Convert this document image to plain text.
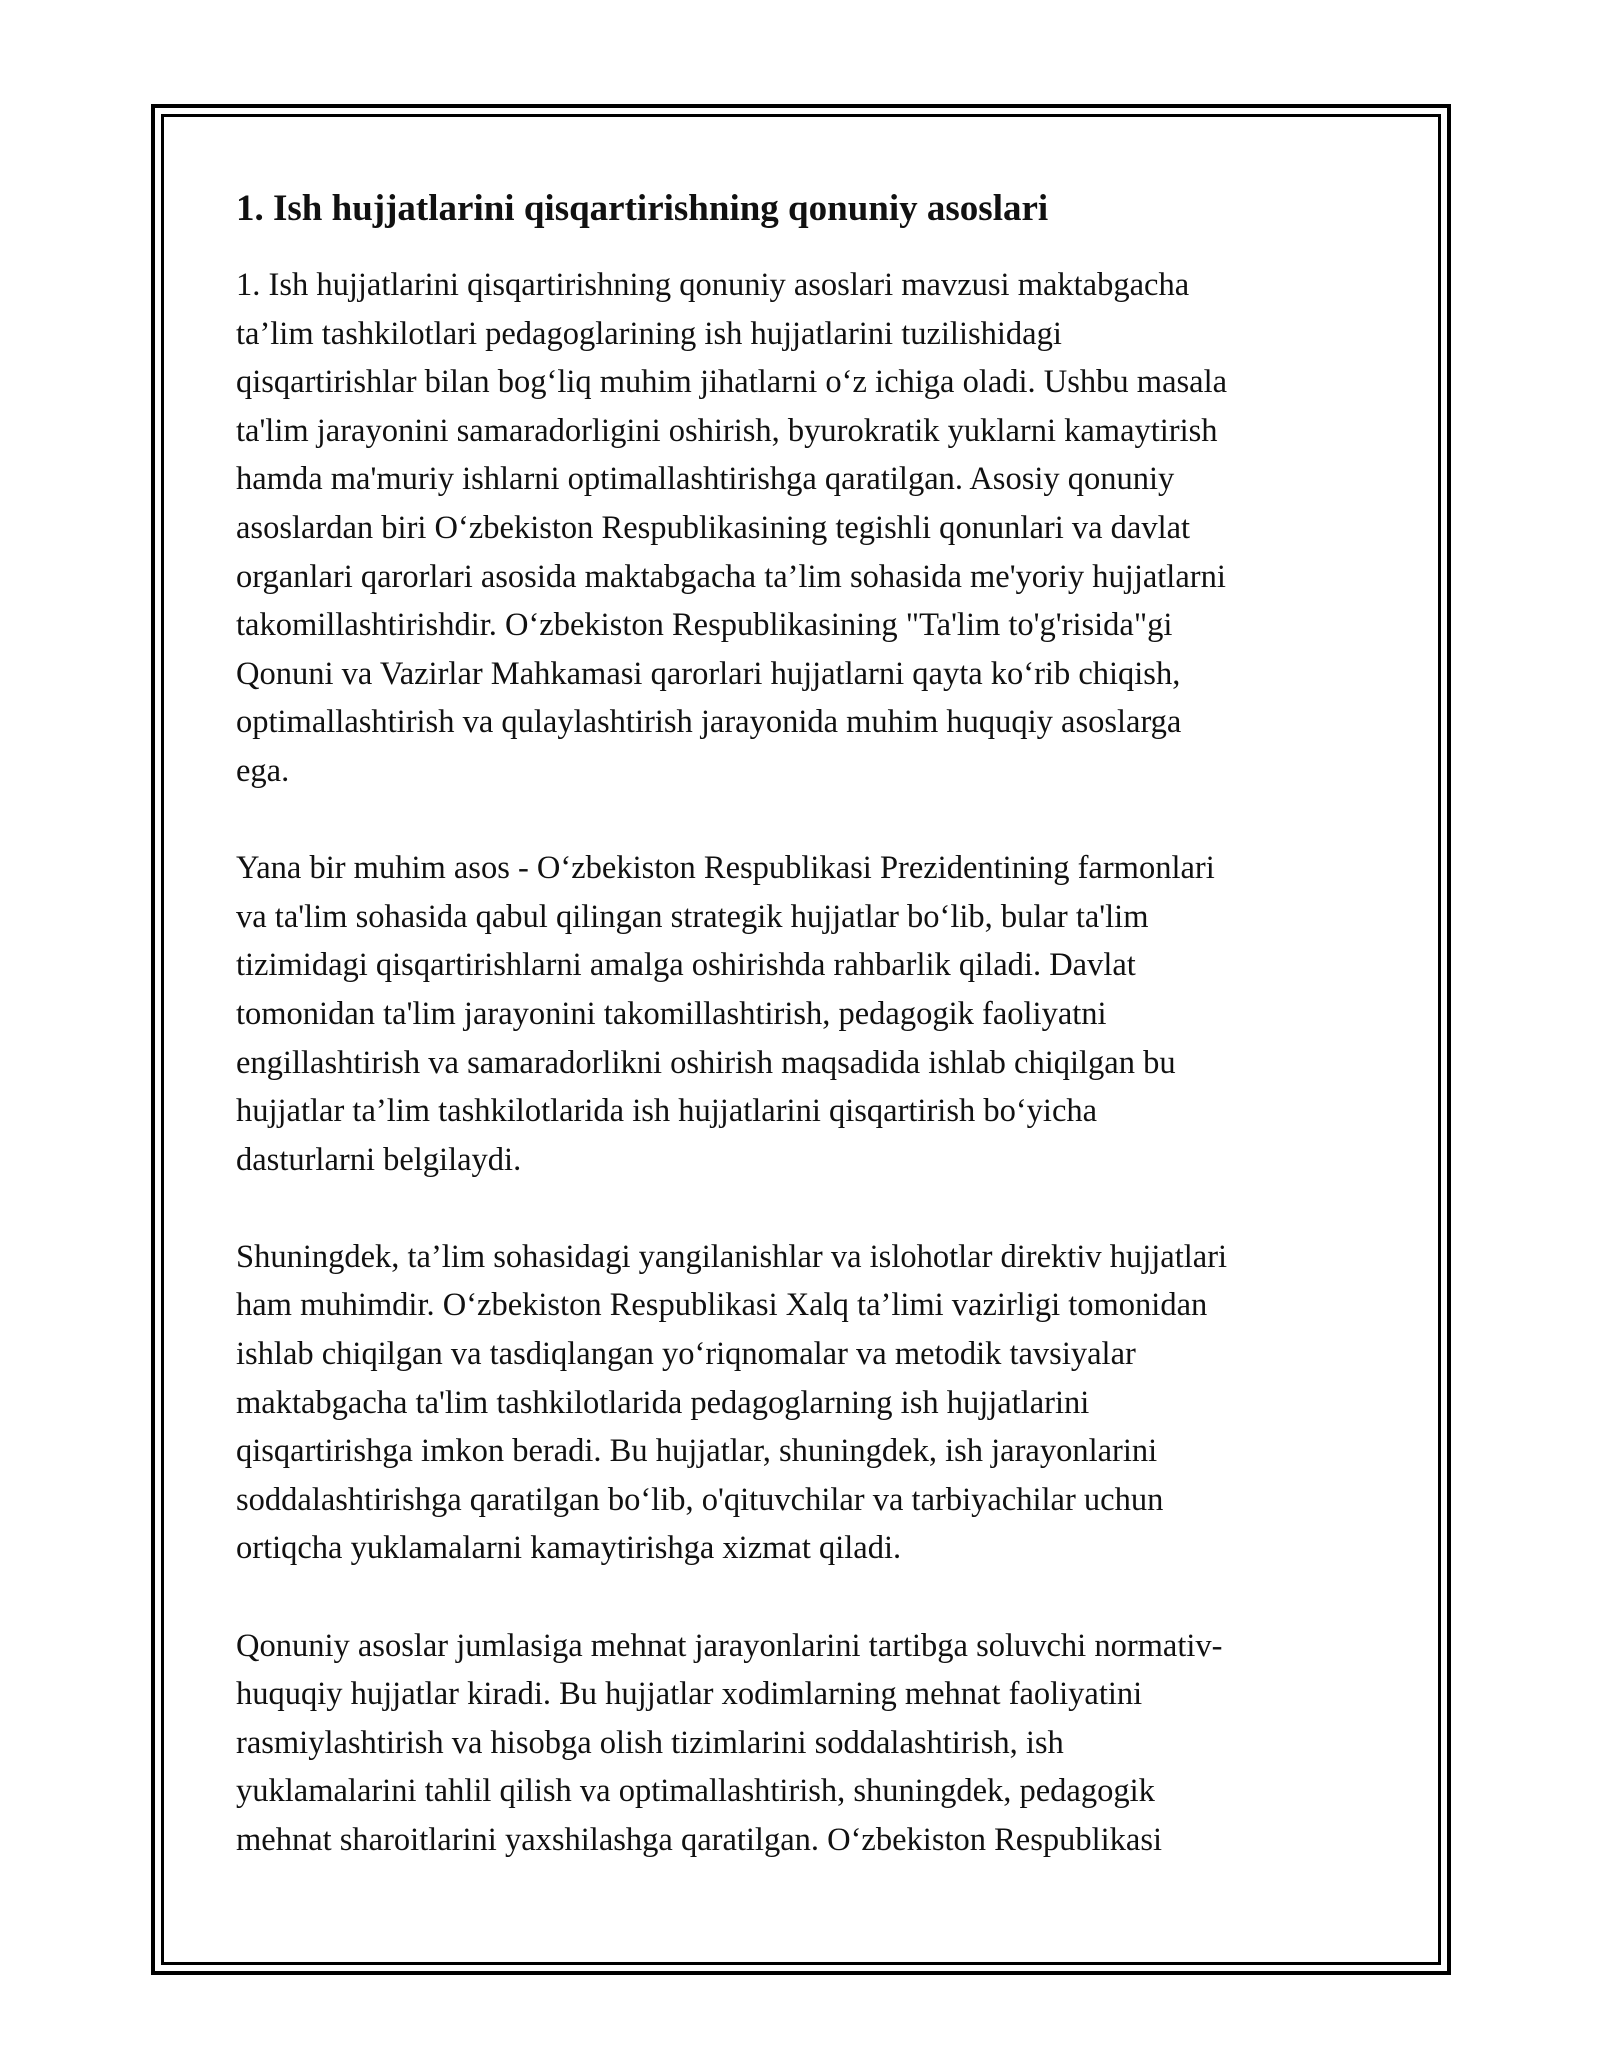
1. Ish hujjatlarini qisqartirishning qonuniy asoslari

1. Ish hujjatlarini qisqartirishning qonuniy asoslari mavzusi maktabgacha
ta’lim tashkilotlari pedagoglarining ish hujjatlarini tuzilishidagi
qisqartirishlar bilan bog‘liq muhim jihatlarni o‘z ichiga oladi. Ushbu masala
ta'lim jarayonini samaradorligini oshirish, byurokratik yuklarni kamaytirish
hamda ma'muriy ishlarni optimallashtirishga qaratilgan. Asosiy qonuniy
asoslardan biri O‘zbekiston Respublikasining tegishli qonunlari va davlat
organlari qarorlari asosida maktabgacha ta’lim sohasida me'yoriy hujjatlarni
takomillashtirishdir. O‘zbekiston Respublikasining "Ta'lim to'g'risida"gi
Qonuni va Vazirlar Mahkamasi qarorlari hujjatlarni qayta ko‘rib chiqish,
optimallashtirish va qulaylashtirish jarayonida muhim huquqiy asoslarga
ega.

Yana bir muhim asos - O‘zbekiston Respublikasi Prezidentining farmonlari
va ta'lim sohasida qabul qilingan strategik hujjatlar bo‘lib, bular ta'lim
tizimidagi qisqartirishlarni amalga oshirishda rahbarlik qiladi. Davlat
tomonidan ta'lim jarayonini takomillashtirish, pedagogik faoliyatni
engillashtirish va samaradorlikni oshirish maqsadida ishlab chiqilgan bu
hujjatlar ta’lim tashkilotlarida ish hujjatlarini qisqartirish bo‘yicha
dasturlarni belgilaydi.

Shuningdek, ta’lim sohasidagi yangilanishlar va islohotlar direktiv hujjatlari
ham muhimdir. O‘zbekiston Respublikasi Xalq ta’limi vazirligi tomonidan
ishlab chiqilgan va tasdiqlangan yo‘riqnomalar va metodik tavsiyalar
maktabgacha ta'lim tashkilotlarida pedagoglarning ish hujjatlarini
qisqartirishga imkon beradi. Bu hujjatlar, shuningdek, ish jarayonlarini
soddalashtirishga qaratilgan bo‘lib, o'qituvchilar va tarbiyachilar uchun
ortiqcha yuklamalarni kamaytirishga xizmat qiladi.

Qonuniy asoslar jumlasiga mehnat jarayonlarini tartibga soluvchi normativ-
huquqiy hujjatlar kiradi. Bu hujjatlar xodimlarning mehnat faoliyatini
rasmiylashtirish va hisobga olish tizimlarini soddalashtirish, ish
yuklamalarini tahlil qilish va optimallashtirish, shuningdek, pedagogik
mehnat sharoitlarini yaxshilashga qaratilgan. O‘zbekiston Respublikasi
